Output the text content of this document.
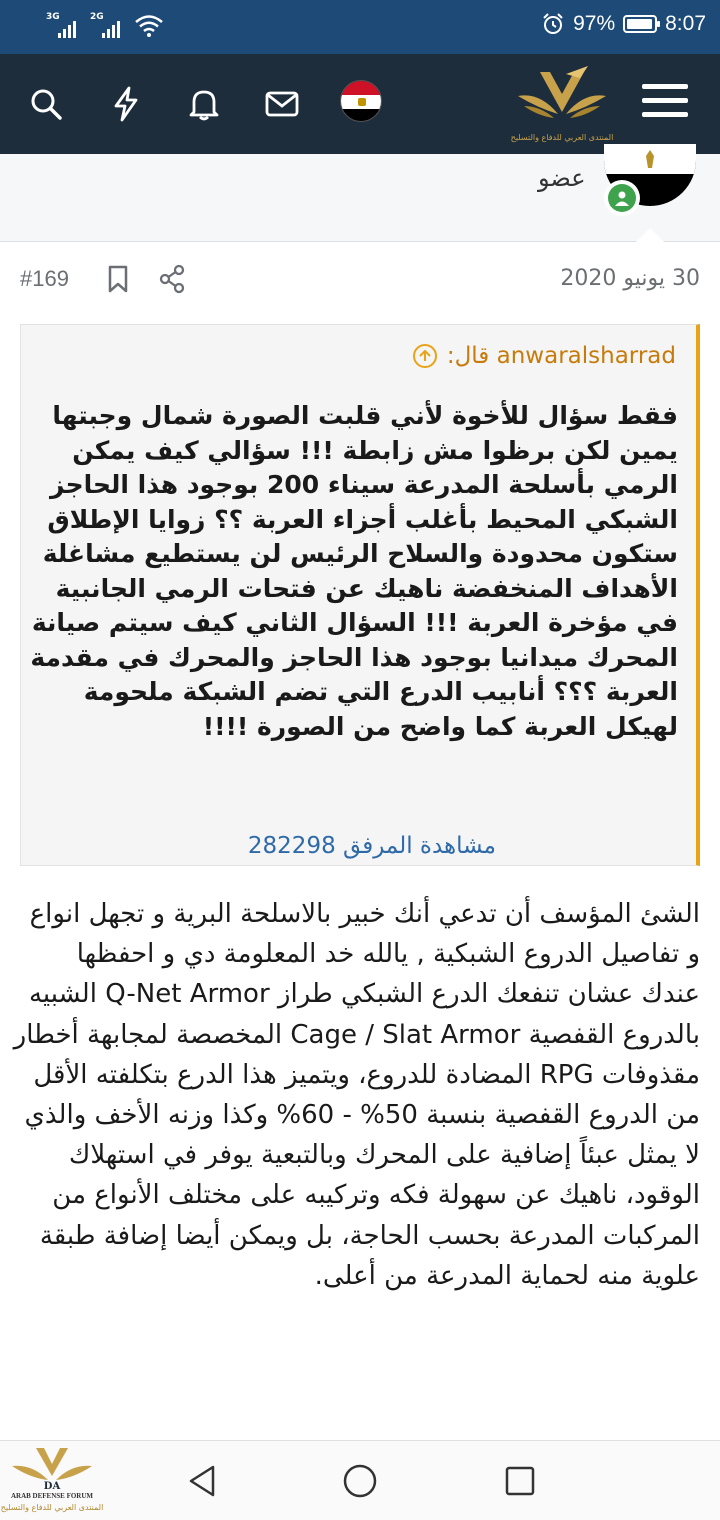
3G	2G	97% 8:07
المنتدى العربي للدفاع والتسليح
عضو
#169	30 يونيو 2020
anwaralsharrad قال:
فقط سؤال للأخوة لأني قلبت الصورة شمال وجبتها يمين لكن برظوا مش زابطة !!! سؤالي كيف يمكن الرمي بأسلحة المدرعة سيناء 200 بوجود هذا الحاجز الشبكي المحيط بأغلب أجزاء العربة ؟؟ زوايا الإطلاق ستكون محدودة والسلاح الرئيس لن يستطيع مشاغلة الأهداف المنخفضة ناهيك عن فتحات الرمي الجانبية في مؤخرة العربة !!! السؤال الثاني كيف سيتم صيانة المحرك ميدانيا بوجود هذا الحاجز والمحرك في مقدمة العربة ؟؟؟ أنابيب الدرع التي تضم الشبكة ملحومة لهيكل العربة كما واضح من الصورة !!!!
مشاهدة المرفق 282298
الشئ المؤسف أن تدعي أنك خبير بالاسلحة البرية و تجهل انواع و تفاصيل الدروع الشبكية , يالله خد المعلومة دي و احفظها عندك عشان تنفعك الدرع الشبكي طراز Q-Net Armor الشبيه بالدروع القفصية Cage / Slat Armor المخصصة لمجابهة أخطار مقذوفات RPG المضادة للدروع، ويتميز هذا الدرع بتكلفته الأقل من الدروع القفصية بنسبة 50% - 60% وكذا وزنه الأخف والذي لا يمثل عبئاً إضافية على المحرك وبالتبعية يوفر في استهلاك الوقود، ناهيك عن سهولة فكه وتركيبه على مختلف الأنواع من المركبات المدرعة بحسب الحاجة، بل ويمكن أيضا إضافة طبقة علوية منه لحماية المدرعة من أعلى.
DA
ARAB DEFENSE FORUM
المنتدى العربي للدفاع والتسليح
